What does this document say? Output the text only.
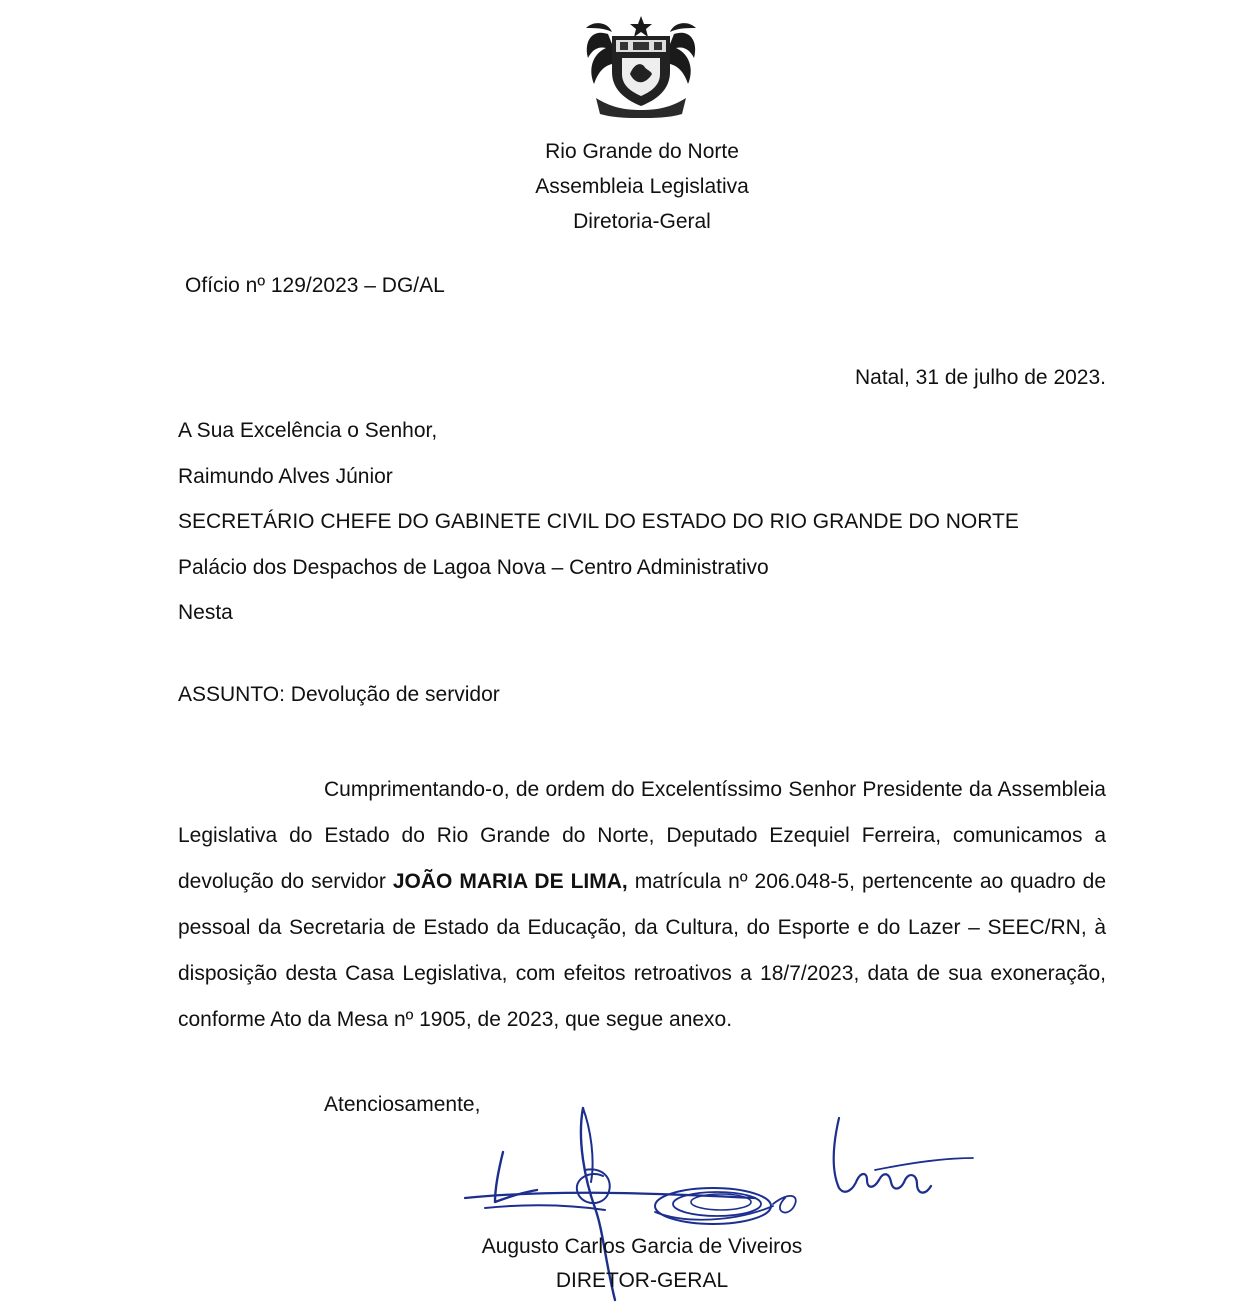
Rio Grande do Norte
Assembleia Legislativa
Diretoria-Geral
Ofício nº 129/2023 – DG/AL
Natal, 31 de julho de 2023.
A Sua Excelência o Senhor,
Raimundo Alves Júnior
SECRETÁRIO CHEFE DO GABINETE CIVIL DO ESTADO DO RIO GRANDE DO NORTE
Palácio dos Despachos de Lagoa Nova – Centro Administrativo
Nesta
ASSUNTO: Devolução de servidor
Cumprimentando-o, de ordem do Excelentíssimo Senhor Presidente da Assembleia Legislativa do Estado do Rio Grande do Norte, Deputado Ezequiel Ferreira, comunicamos a devolução do servidor JOÃO MARIA DE LIMA, matrícula nº 206.048-5, pertencente ao quadro de pessoal da Secretaria de Estado da Educação, da Cultura, do Esporte e do Lazer – SEEC/RN, à disposição desta Casa Legislativa, com efeitos retroativos a 18/7/2023, data de sua exoneração, conforme Ato da Mesa nº 1905, de 2023, que segue anexo.
Atenciosamente,
Augusto Carlos Garcia de Viveiros
DIRETOR-GERAL
